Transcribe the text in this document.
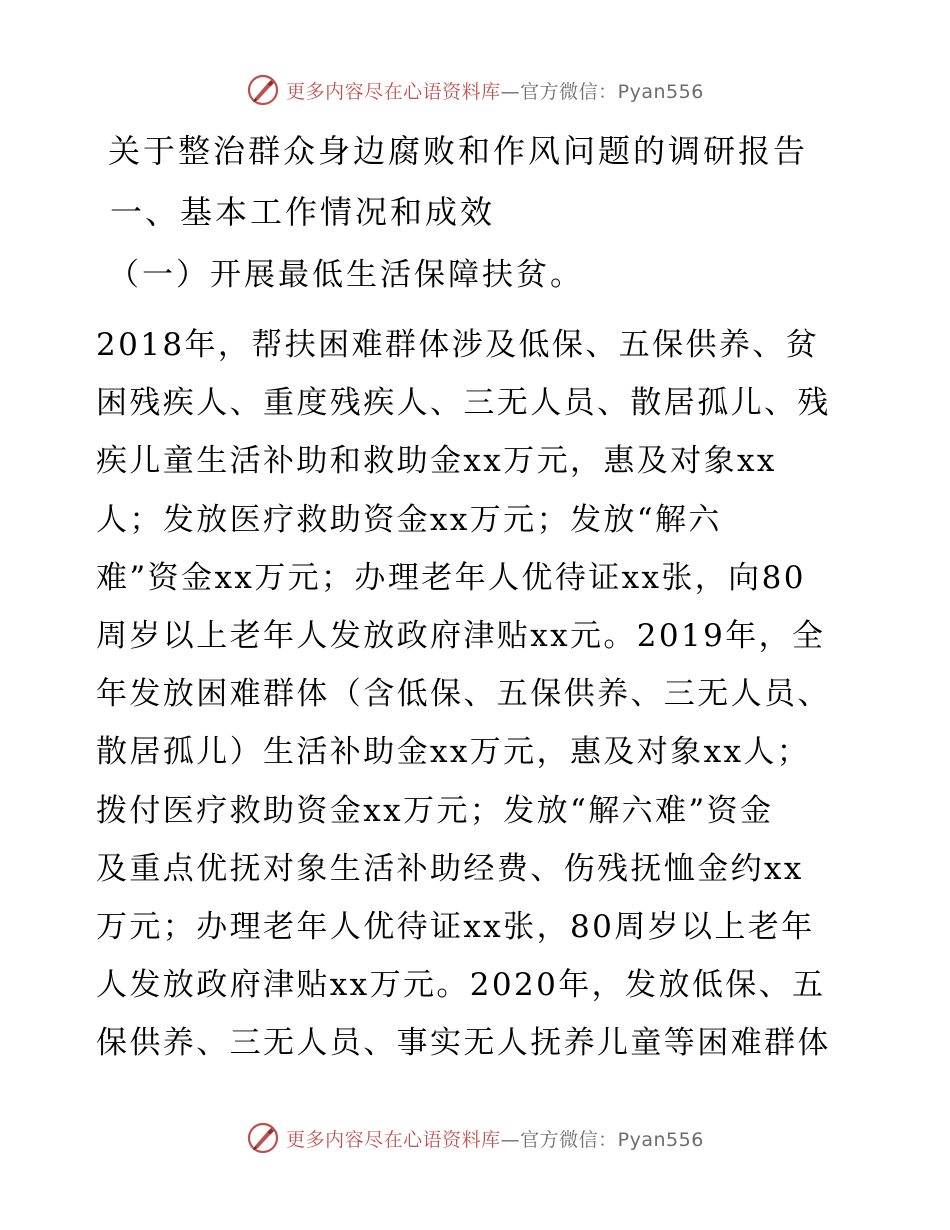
更多内容尽在心语资料库—官方微信：Pyan556
关于整治群众身边腐败和作风问题的调研报告
一、基本工作情况和成效
（一）开展最低生活保障扶贫。
2018年，帮扶困难群体涉及低保、五保供养、贫
困残疾人、重度残疾人、三无人员、散居孤儿、残
疾儿童生活补助和救助金xx万元，惠及对象xx
人；发放医疗救助资金xx万元；发放“解六
难”资金xx万元；办理老年人优待证xx张，向80
周岁以上老年人发放政府津贴xx元。2019年，全
年发放困难群体（含低保、五保供养、三无人员、
散居孤儿）生活补助金xx万元，惠及对象xx人；
拨付医疗救助资金xx万元；发放“解六难”资金
及重点优抚对象生活补助经费、伤残抚恤金约xx
万元；办理老年人优待证xx张，80周岁以上老年
人发放政府津贴xx万元。2020年，发放低保、五
保供养、三无人员、事实无人抚养儿童等困难群体
更多内容尽在心语资料库—官方微信：Pyan556
